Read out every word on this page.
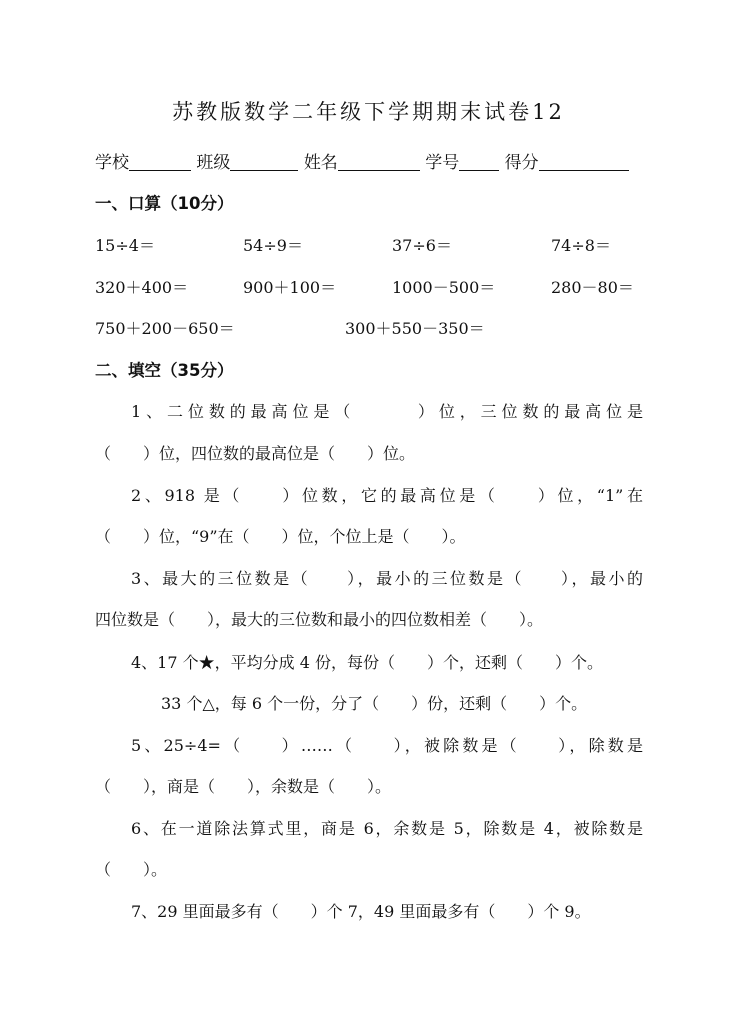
苏教版数学二年级下学期期末试卷12
学校	班级	姓名	学号	得分
一、口算（10分）
15÷4＝	54÷9＝	37÷6＝	74÷8＝
320＋400＝	900＋100＝	1000－500＝	280－80＝
750＋200－650＝	300＋550－350＝
二、填空（35分）
1、二位数的最高位是（　　　）位，三位数的最高位是
（　　）位，四位数的最高位是（　　）位。
2、918 是（　　）位数，它的最高位是（　　）位，“1”在
（　　）位，“9”在（　　）位，个位上是（　　）。
3、最大的三位数是（　　），最小的三位数是（　　），最小的
四位数是（　　），最大的三位数和最小的四位数相差（　　）。
4、17 个★，平均分成 4 份，每份（　　）个，还剩（　　）个。
33 个△，每 6 个一份，分了（　　）份，还剩（　　）个。
5、25÷4=（　　）……（　　），被除数是（　　），除数是
（　　），商是（　　），余数是（　　）。
6、在一道除法算式里，商是 6，余数是 5，除数是 4，被除数是
（　　）。
7、29 里面最多有（　　）个 7，49 里面最多有（　　）个 9。
